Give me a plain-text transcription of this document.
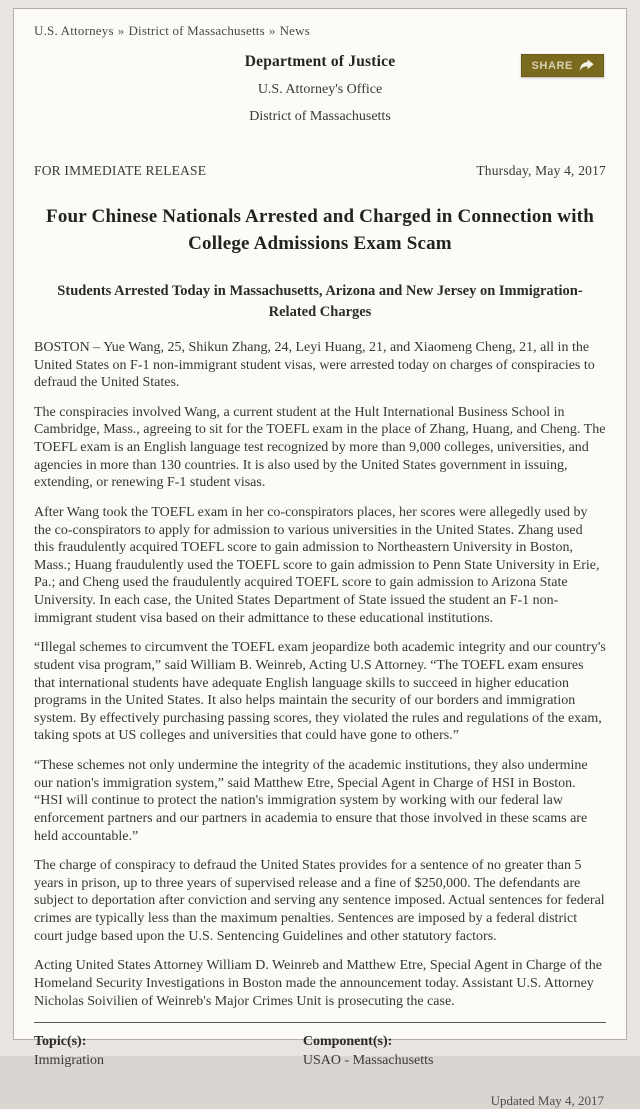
U.S. Attorneys » District of Massachusetts » News
Department of Justice
U.S. Attorney's Office
District of Massachusetts
SHARE
FOR IMMEDIATE RELEASE	Thursday, May 4, 2017
Four Chinese Nationals Arrested and Charged in Connection with College Admissions Exam Scam
Students Arrested Today in Massachusetts, Arizona and New Jersey on Immigration-Related Charges

BOSTON – Yue Wang, 25, Shikun Zhang, 24, Leyi Huang, 21, and Xiaomeng Cheng, 21, all in the United States on F-1 non-immigrant student visas, were arrested today on charges of conspiracies to defraud the United States.

The conspiracies involved Wang, a current student at the Hult International Business School in Cambridge, Mass., agreeing to sit for the TOEFL exam in the place of Zhang, Huang, and Cheng. The TOEFL exam is an English language test recognized by more than 9,000 colleges, universities, and agencies in more than 130 countries. It is also used by the United States government in issuing, extending, or renewing F-1 student visas.

After Wang took the TOEFL exam in her co-conspirators places, her scores were allegedly used by the co-conspirators to apply for admission to various universities in the United States. Zhang used this fraudulently acquired TOEFL score to gain admission to Northeastern University in Boston, Mass.; Huang fraudulently used the TOEFL score to gain admission to Penn State University in Erie, Pa.; and Cheng used the fraudulently acquired TOEFL score to gain admission to Arizona State University. In each case, the United States Department of State issued the student an F-1 non-immigrant student visa based on their admittance to these educational institutions.

“Illegal schemes to circumvent the TOEFL exam jeopardize both academic integrity and our country's student visa program,” said William B. Weinreb, Acting U.S Attorney. “The TOEFL exam ensures that international students have adequate English language skills to succeed in higher education programs in the United States. It also helps maintain the security of our borders and immigration system. By effectively purchasing passing scores, they violated the rules and regulations of the exam, taking spots at US colleges and universities that could have gone to others.”

“These schemes not only undermine the integrity of the academic institutions, they also undermine our nation's immigration system,” said Matthew Etre, Special Agent in Charge of HSI in Boston. “HSI will continue to protect the nation's immigration system by working with our federal law enforcement partners and our partners in academia to ensure that those involved in these scams are held accountable.”

The charge of conspiracy to defraud the United States provides for a sentence of no greater than 5 years in prison, up to three years of supervised release and a fine of $250,000. The defendants are subject to deportation after conviction and serving any sentence imposed. Actual sentences for federal crimes are typically less than the maximum penalties. Sentences are imposed by a federal district court judge based upon the U.S. Sentencing Guidelines and other statutory factors.

Acting United States Attorney William D. Weinreb and Matthew Etre, Special Agent in Charge of the Homeland Security Investigations in Boston made the announcement today. Assistant U.S. Attorney Nicholas Soivilien of Weinreb's Major Crimes Unit is prosecuting the case.

Topic(s):
Immigration
Component(s):
USAO - Massachusetts
Updated May 4, 2017
